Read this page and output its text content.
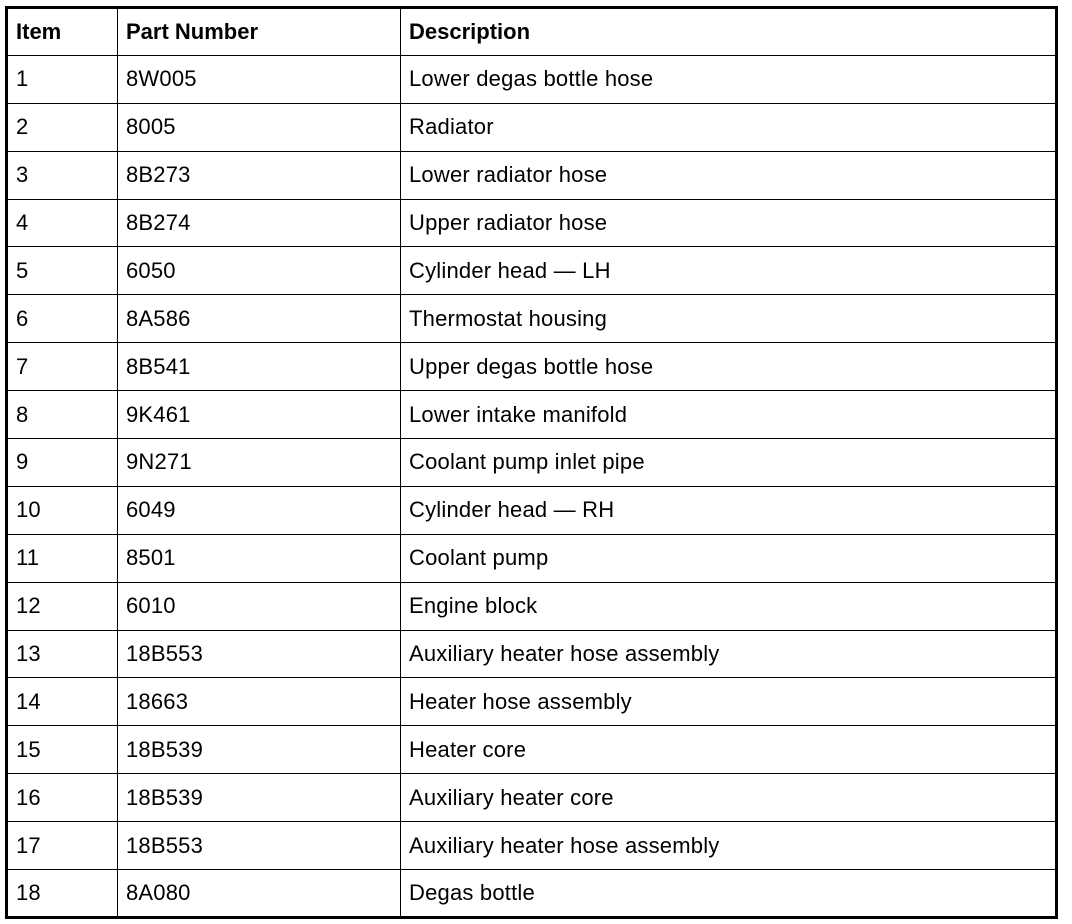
Item	Part Number	Description
1	8W005	Lower degas bottle hose
2	8005	Radiator
3	8B273	Lower radiator hose
4	8B274	Upper radiator hose
5	6050	Cylinder head — LH
6	8A586	Thermostat housing
7	8B541	Upper degas bottle hose
8	9K461	Lower intake manifold
9	9N271	Coolant pump inlet pipe
10	6049	Cylinder head — RH
11	8501	Coolant pump
12	6010	Engine block
13	18B553	Auxiliary heater hose assembly
14	18663	Heater hose assembly
15	18B539	Heater core
16	18B539	Auxiliary heater core
17	18B553	Auxiliary heater hose assembly
18	8A080	Degas bottle
